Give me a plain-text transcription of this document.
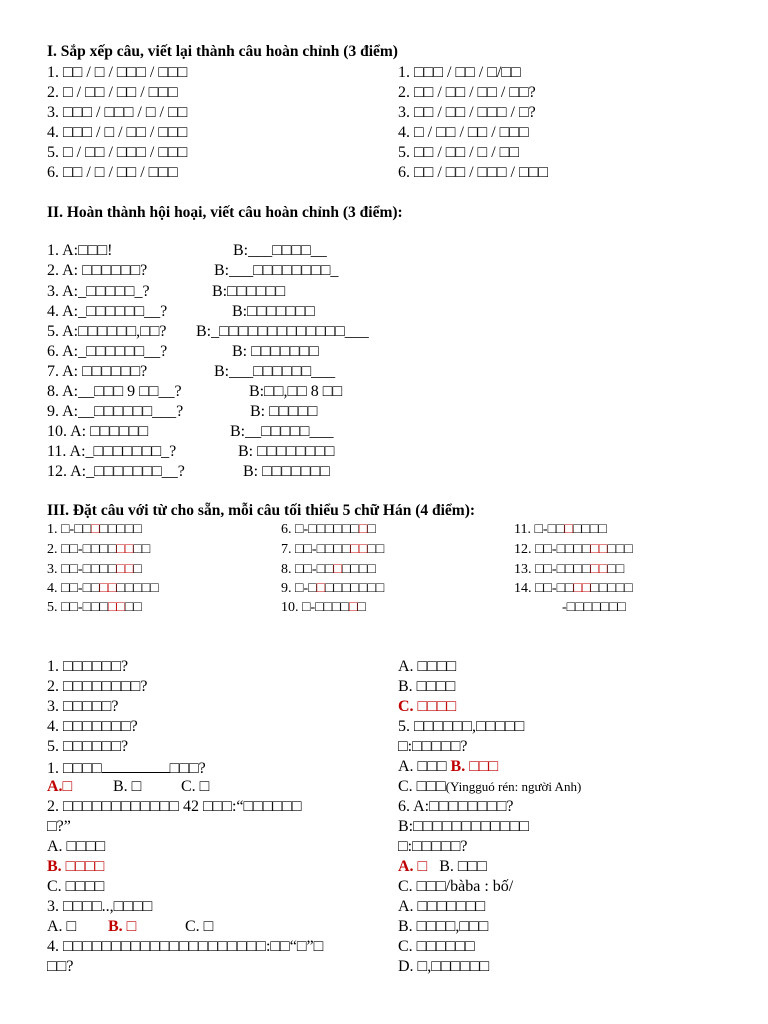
I. Sắp xếp câu, viết lại thành câu hoàn chỉnh (3 điểm)
1. □□ / □ / □□□ / □□□
2. □ / □□ / □□ / □□□
3. □□□ / □□□ / □ / □□
4. □□□ / □ / □□ / □□□
5. □ / □□ / □□□ / □□□
6. □□ / □ / □□ / □□□
1. □□□ / □□ / □/□□
2. □□ / □□ / □□ / □□?
3. □□ / □□ / □□□ / □?
4. □ / □□ / □□ / □□□
5. □□ / □□ / □ / □□
6. □□ / □□ / □□□ / □□□
II. Hoàn thành hội hoại, viết câu hoàn chỉnh (3 điểm):
1. A:□□□!	B:___□□□□__
2. A: □□□□□□?	B:___□□□□□□□□_
3. A:_□□□□□_?	B:□□□□□□
4. A:_□□□□□□__?	B:□□□□□□□
5. A:□□□□□□,□□? B:_□□□□□□□□□□□□□___
6. A:_□□□□□□__?	B: □□□□□□□
7. A: □□□□□□?	B:___□□□□□□___
8. A:__□□□ 9 □□__?	B:□□,□□ 8 □□
9. A:__□□□□□□___?	B: □□□□□
10. A: □□□□□□	B:__□□□□□___
11. A:_□□□□□□□_?	B: □□□□□□□□
12. A:_□□□□□□□__?	B: □□□□□□□
III. Đặt câu với từ cho sẵn, mỗi câu tối thiểu 5 chữ Hán (4 điểm):
1. □-□□□□□□□□
2. □□-□□□□□□□□
3. □□-□□□□□□□
4. □□-□□□□□□□□□
5. □□-□□□□□□□
6. □-□□□□□□□□
7. □□-□□□□□□□□
8. □□-□□□□□□□
9. □-□□□□□□□□□
10. □-□□□□□□
11. □-□□□□□□□
12. □□-□□□□□□□□□
13. □□-□□□□□□□□
14. □□-□□□□□□□□□
-□□□□□□□
1. □□□□□□?
2. □□□□□□□□?
3. □□□□□?
4. □□□□□□□?
5. □□□□□□?
1. □□□□	□□□?
A.□	B. □ C. □
2. □□□□□□□□□□□□ 42 □□□:“□□□□□□
□?”
A. □□□□
B. □□□□
C. □□□□
3. □□□□..,□□□□
A. □ B. □	C. □
4. □□□□□□□□□□□□□□□□□□□□□:□□“□”□
□□?
A. □□□□
B. □□□□
C. □□□□
5. □□□□□□,□□□□□
□:□□□□□?
A. □□□ B. □□□
C. □□□(Yingguó rén: người Anh)
6. A:□□□□□□□□?
B:□□□□□□□□□□□□
□:□□□□□?
A. □ B. □□□
C. □□□/bàba : bố/
A. □□□□□□□
B. □□□□,□□□
C. □□□□□□
D. □,□□□□□□
